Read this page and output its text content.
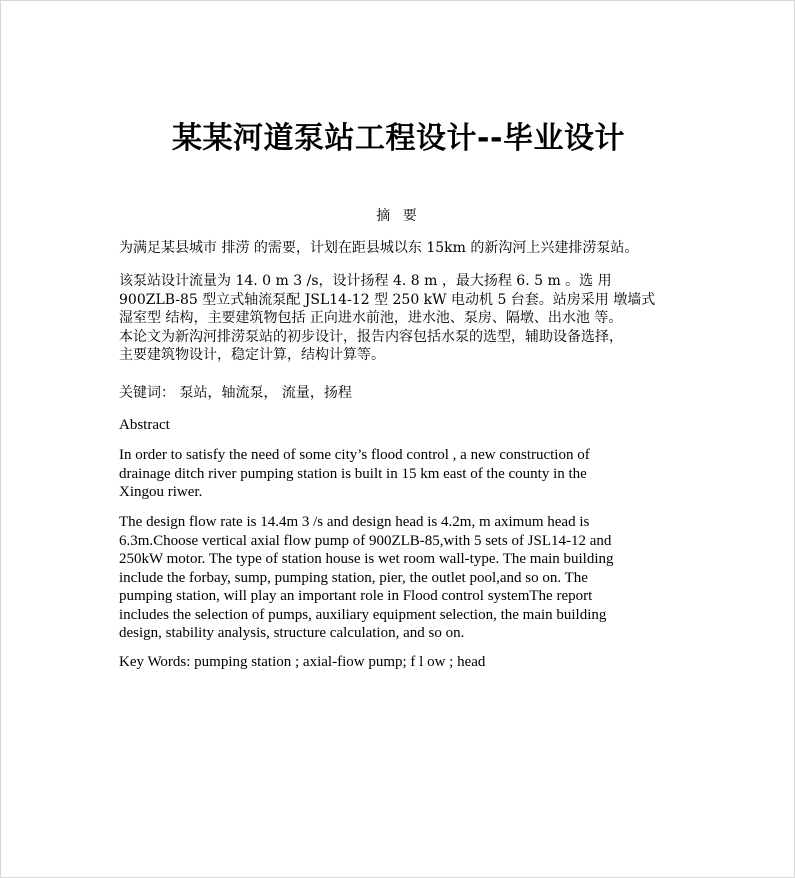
某某河道泵站工程设计--毕业设计
摘 要
为满足某县城市 排涝 的需要，计划在距县城以东 15km 的新沟河上兴建排涝泵站。
该泵站设计流量为 14. 0 m 3 /s，设计扬程 4. 8 m ，最大扬程 6. 5 m 。选 用
900ZLB-85 型立式轴流泵配 JSL14-12 型 250 kW 电动机 5 台套。站房采用 墩墙式
湿室型 结构，主要建筑物包括 正向进水前池，进水池、泵房、隔墩、出水池 等。
本论文为新沟河排涝泵站的初步设计，报告内容包括水泵的选型，辅助设备选择，
主要建筑物设计，稳定计算，结构计算等。
关键词： 泵站，轴流泵， 流量，扬程
Abstract
In order to satisfy the need of some city’s flood control , a new construction of
drainage ditch river pumping station is built in 15 km east of the county in the
Xingou riwer.
The design flow rate is 14.4m 3 /s and design head is 4.2m, m aximum head is
6.3m.Choose vertical axial flow pump of 900ZLB-85,with 5 sets of JSL14-12 and
250kW motor. The type of station house is wet room wall-type. The main building
include the forbay, sump, pumping station, pier, the outlet pool,and so on. The
pumping station, will play an important role in Flood control systemThe report
includes the selection of pumps, auxiliary equipment selection, the main building
design, stability analysis, structure calculation, and so on.
Key Words: pumping station ; axial-fiow pump; f l ow ; head
